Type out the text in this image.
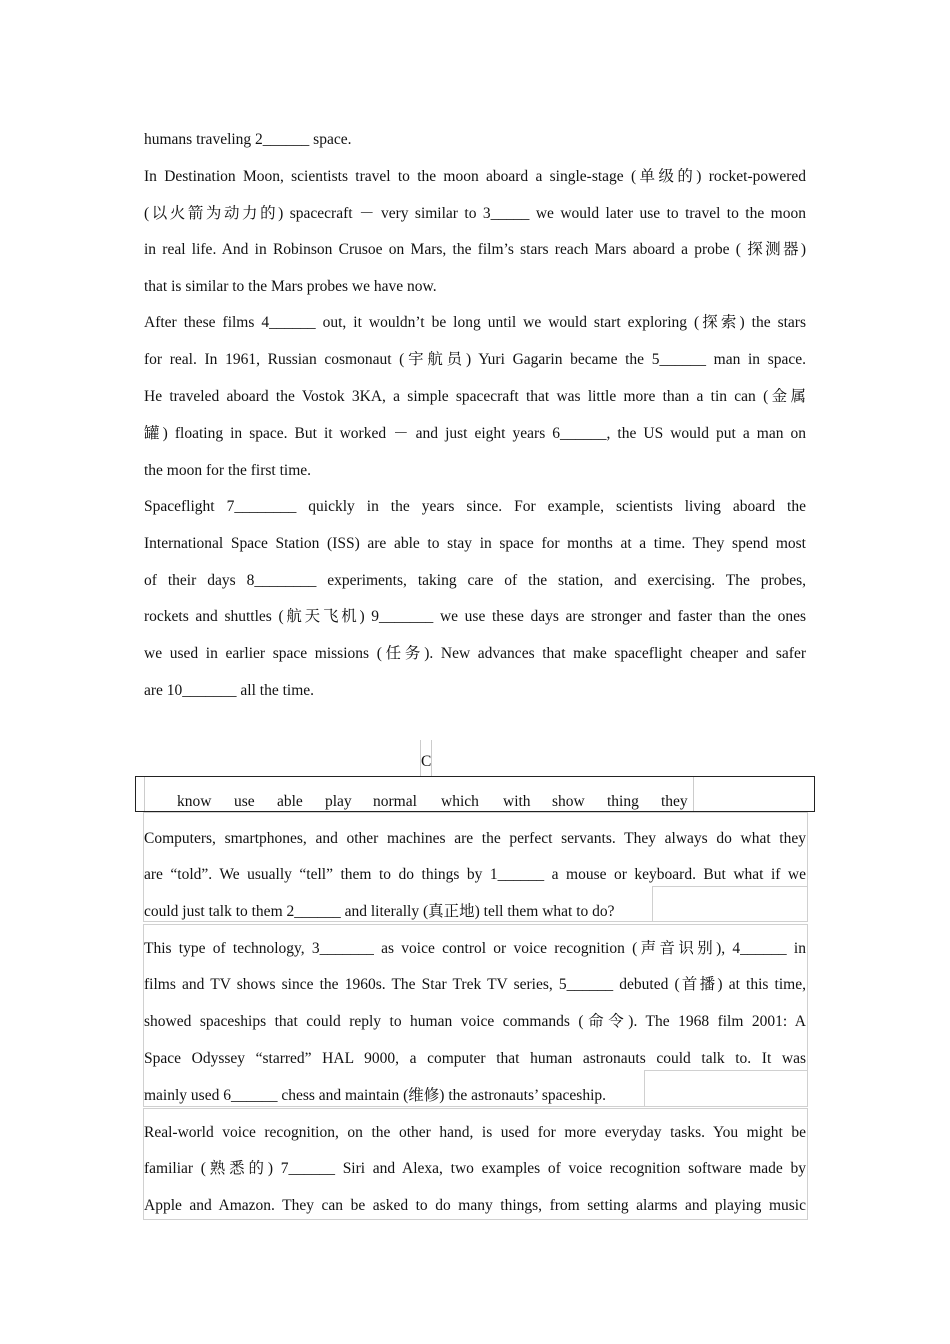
humans traveling 2______ space.
In Destination Moon, scientists travel to the moon aboard a single-stage (单级的) rocket-powered
(以火箭为动力的) spacecraft － very similar to 3_____ we would later use to travel to the moon
in real life. And in Robinson Crusoe on Mars, the film’s stars reach Mars aboard a probe ( 探测器)
that is similar to the Mars probes we have now.
After these films 4______ out, it wouldn’t be long until we would start exploring (探索) the stars
for real. In 1961, Russian cosmonaut (宇航员) Yuri Gagarin became the 5______ man in space.
He traveled aboard the Vostok 3KA, a simple spacecraft that was little more than a tin can (金属
罐) floating in space. But it worked － and just eight years 6______, the US would put a man on
the moon for the first time.
Spaceflight 7________ quickly in the years since. For example, scientists living aboard the
International Space Station (ISS) are able to stay in space for months at a time. They spend most
of their days 8________ experiments, taking care of the station, and exercising. The probes,
rockets and shuttles (航天飞机) 9_______ we use these days are stronger and faster than the ones
we used in earlier space missions (任务). New advances that make spaceflight cheaper and safer
are 10_______ all the time.
C
know use able play normal which with show thing they
Computers, smartphones, and other machines are the perfect servants. They always do what they
are “told”. We usually “tell” them to do things by 1______ a mouse or keyboard. But what if we
could just talk to them 2______ and literally (真正地) tell them what to do?
This type of technology, 3_______ as voice control or voice recognition (声音识别), 4______ in
films and TV shows since the 1960s. The Star Trek TV series, 5______ debuted (首播) at this time,
showed spaceships that could reply to human voice commands (命令). The 1968 film 2001: A
Space Odyssey “starred” HAL 9000, a computer that human astronauts could talk to. It was
mainly used 6______ chess and maintain (维修) the astronauts’ spaceship.
Real-world voice recognition, on the other hand, is used for more everyday tasks. You might be
familiar (熟悉的) 7______ Siri and Alexa, two examples of voice recognition software made by
Apple and Amazon. They can be asked to do many things, from setting alarms and playing music
